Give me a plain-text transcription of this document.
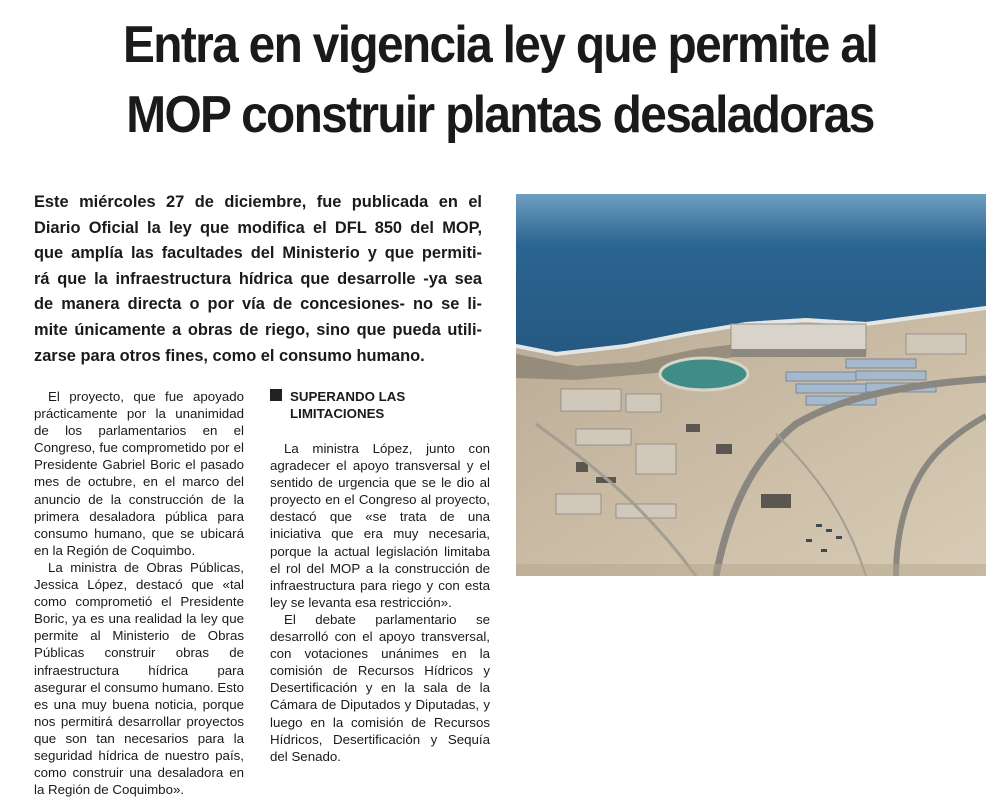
Entra en vigencia ley que permite al
MOP construir plantas desaladoras

Este miércoles 27 de diciembre, fue publicada en el
Diario Oficial la ley que modifica el DFL 850 del MOP,
que amplía las facultades del Ministerio y que permiti-
rá que la infraestructura hídrica que desarrolle -ya sea
de manera directa o por vía de concesiones- no se li-
mite únicamente a obras de riego, sino que pueda utili-
zarse para otros fines, como el consumo humano.

El proyecto, que fue apoyado prácticamente por la unanimidad de los parlamentarios en el Congreso, fue comprometido por el Presidente Gabriel Boric el pasado mes de octubre, en el marco del anuncio de la construcción de la primera desaladora pública para consumo humano, que se ubicará en la Región de Coquimbo.

La ministra de Obras Públicas, Jessica López, destacó que «tal como comprometió el Presidente Boric, ya es una realidad la ley que permite al Ministerio de Obras Públicas construir obras de infraestructura hídrica para asegurar el consumo humano. Esto es una muy buena noticia, porque nos permitirá desarrollar proyectos que son tan necesarios para la seguridad hídrica de nuestro país, como construir una desaladora en la Región de Coquimbo».

SUPERANDO LAS LIMITACIONES

La ministra López, junto con agradecer el apoyo transversal y el sentido de urgencia que se le dio al proyecto en el Congreso al proyecto, destacó que «se trata de una iniciativa que era muy necesaria, porque la actual legislación limitaba el rol del MOP a la construcción de infraestructura para riego y con esta ley se levanta esa restricción».

El debate parlamentario se desarrolló con el apoyo transversal, con votaciones unánimes en la comisión de Recursos Hídricos y Desertificación y en la sala de la Cámara de Diputados y Diputadas, y luego en la comisión de Recursos Hídricos, Desertificación y Sequía del Senado.
